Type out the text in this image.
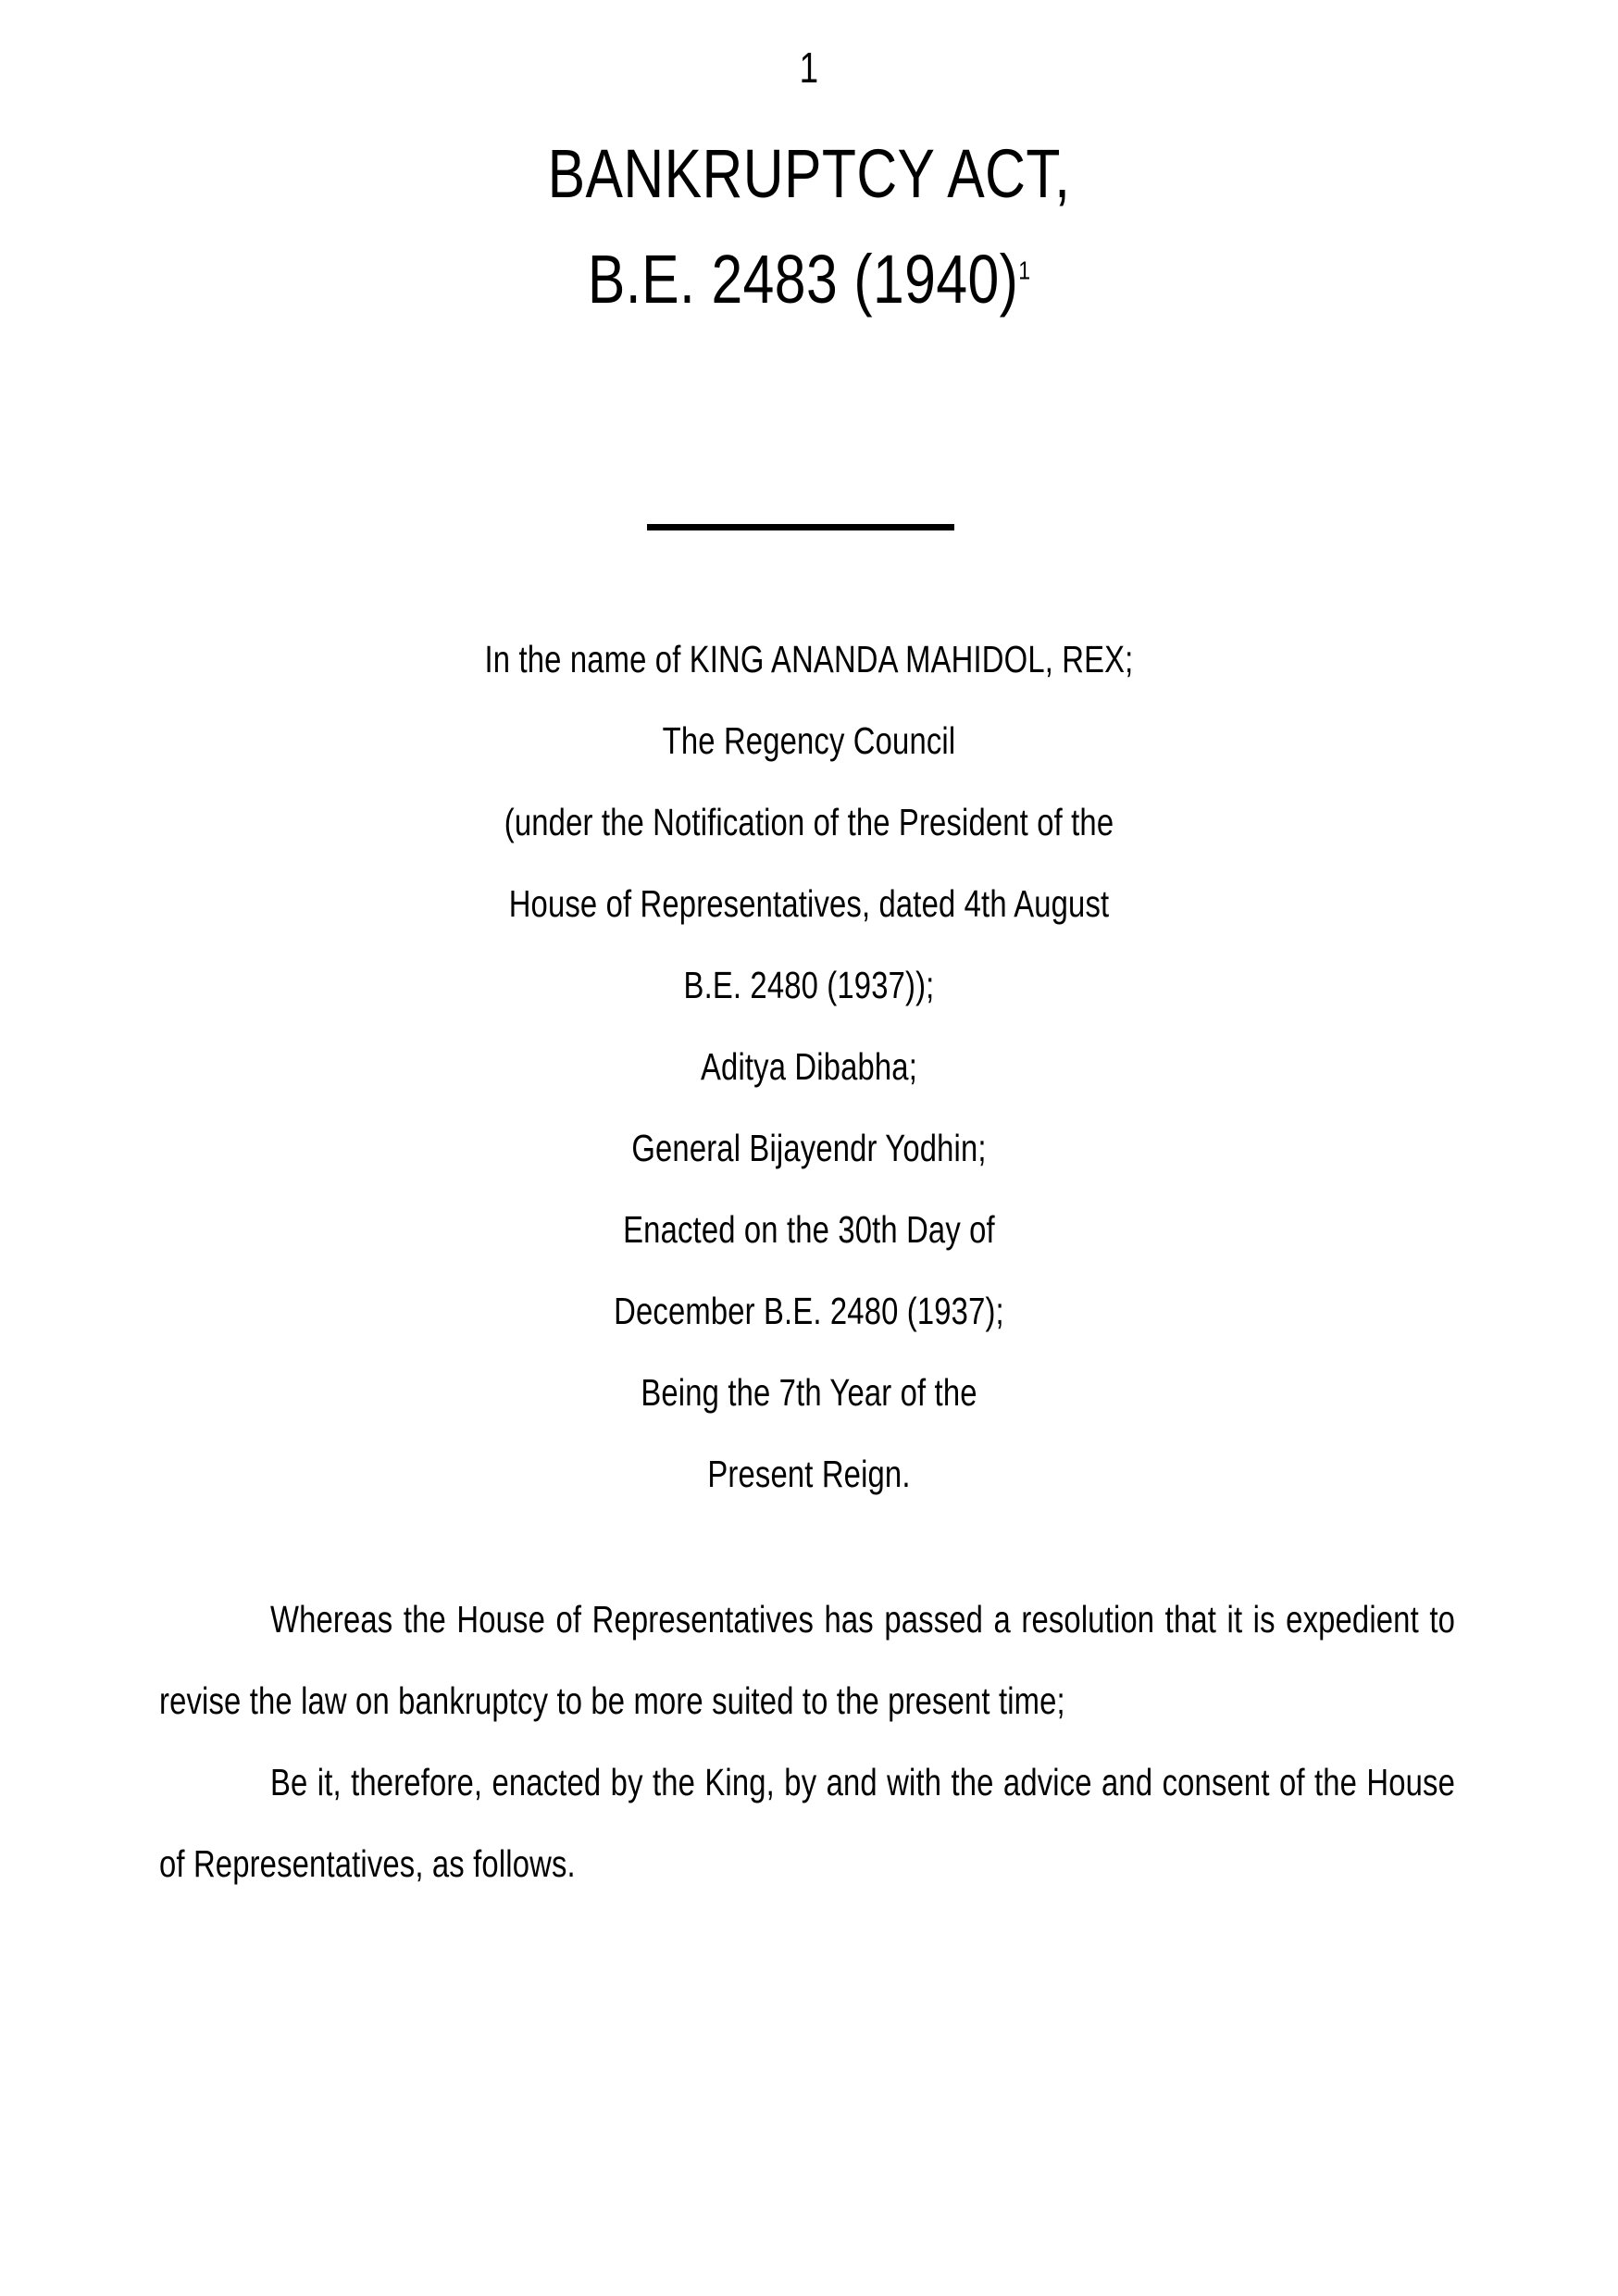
1
BANKRUPTCY ACT,
B.E. 2483 (1940)$^1$
In the name of KING ANANDA MAHIDOL, REX;
The Regency Council
(under the Notification of the President of the
House of Representatives, dated 4th August
B.E. 2480 (1937));
Aditya Dibabha;
General Bijayendr Yodhin;
Enacted on the 30th Day of
December B.E. 2480 (1937);
Being the 7th Year of the
Present Reign.

Whereas the House of Representatives has passed a resolution that it is expedient to revise the law on bankruptcy to be more suited to the present time;

Be it, therefore, enacted by the King, by and with the advice and consent of the House of Representatives, as follows.
